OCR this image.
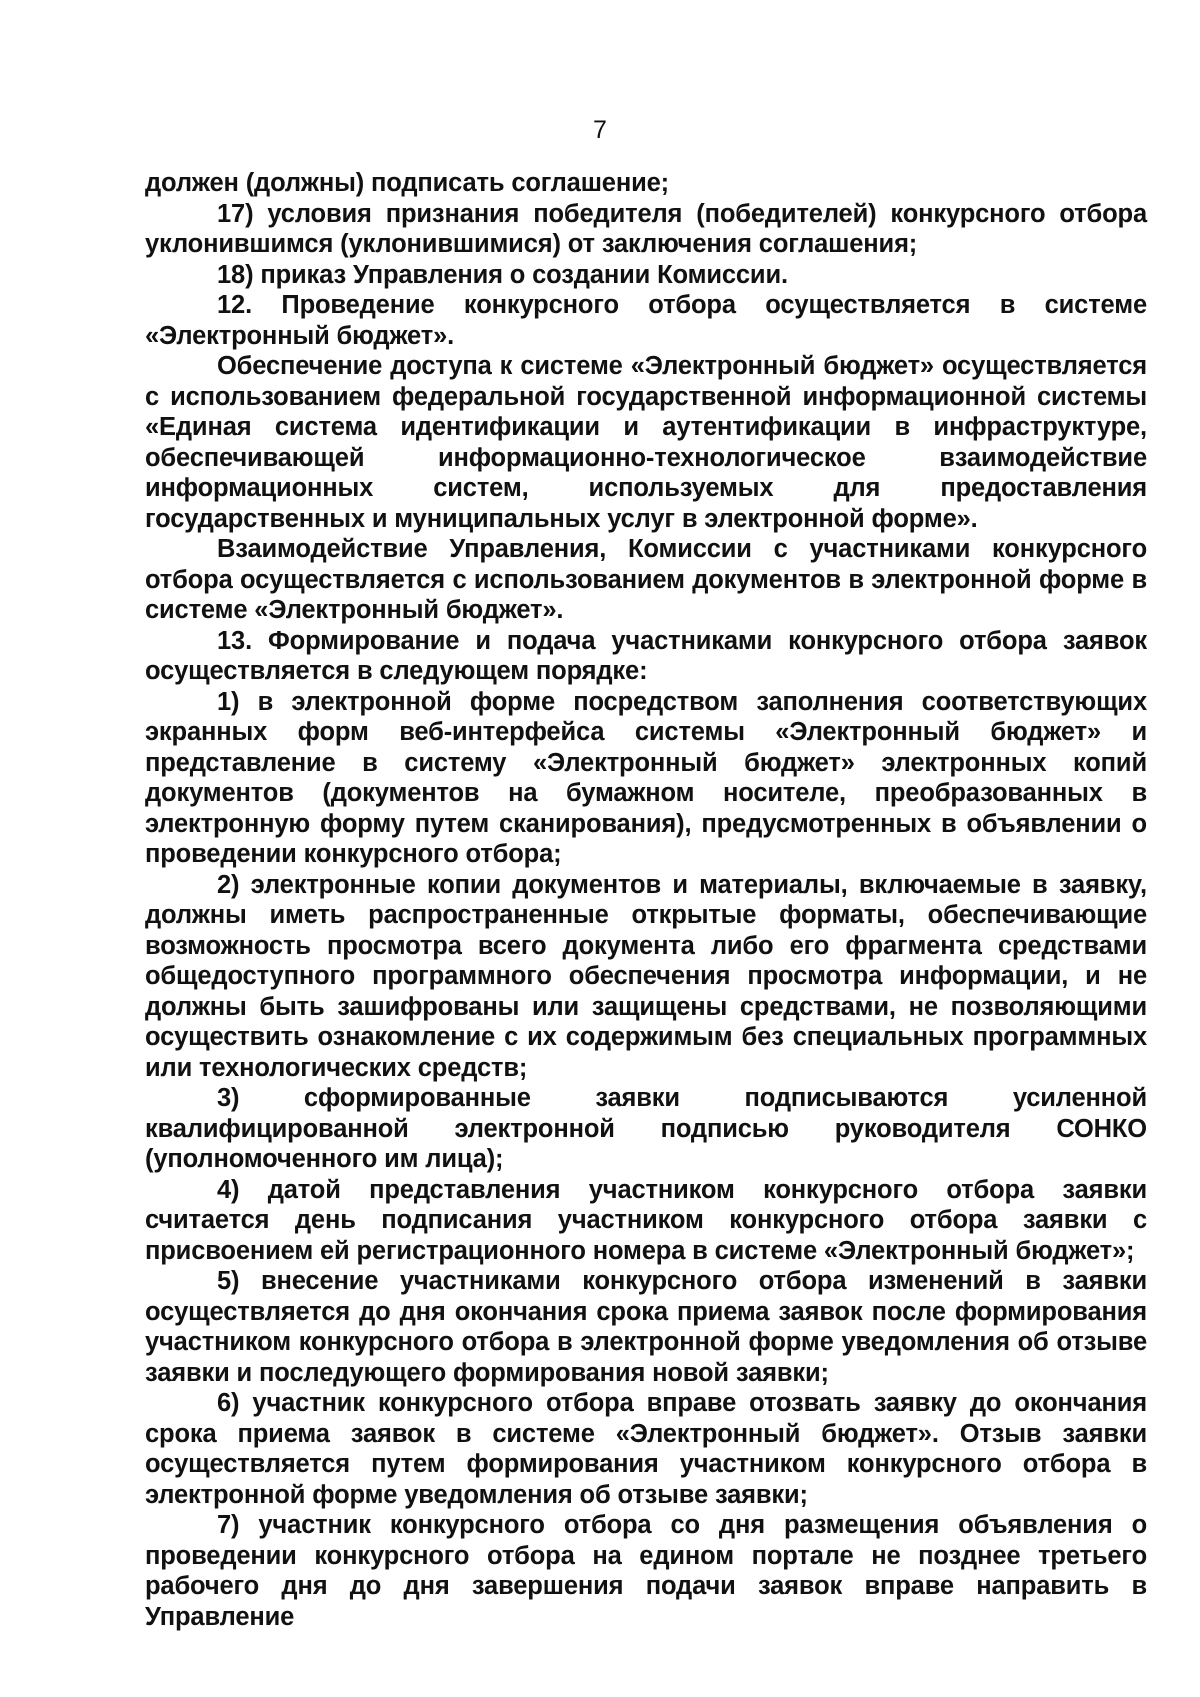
7

должен (должны) подписать соглашение;

17) условия признания победителя (победителей) конкурсного отбора уклонившимся (уклонившимися) от заключения соглашения;

18) приказ Управления о создании Комиссии.

12. Проведение конкурсного отбора осуществляется в системе «Электронный бюджет».

Обеспечение доступа к системе «Электронный бюджет» осуществляется с использованием федеральной государственной информационной системы «Единая система идентификации и аутентификации в инфраструктуре, обеспечивающей информационно-технологическое взаимодействие информационных систем, используемых для предоставления государственных и муниципальных услуг в электронной форме».

Взаимодействие Управления, Комиссии с участниками конкурсного отбора осуществляется с использованием документов в электронной форме в системе «Электронный бюджет».

13. Формирование и подача участниками конкурсного отбора заявок осуществляется в следующем порядке:

1) в электронной форме посредством заполнения соответствующих экранных форм веб-интерфейса системы «Электронный бюджет» и представление в систему «Электронный бюджет» электронных копий документов (документов на бумажном носителе, преобразованных в электронную форму путем сканирования), предусмотренных в объявлении о проведении конкурсного отбора;

2) электронные копии документов и материалы, включаемые в заявку, должны иметь распространенные открытые форматы, обеспечивающие возможность просмотра всего документа либо его фрагмента средствами общедоступного программного обеспечения просмотра информации, и не должны быть зашифрованы или защищены средствами, не позволяющими осуществить ознакомление с их содержимым без специальных программных или технологических средств;

3) сформированные заявки подписываются усиленной квалифицированной электронной подписью руководителя СОНКО (уполномоченного им лица);

4) датой представления участником конкурсного отбора заявки считается день подписания участником конкурсного отбора заявки с присвоением ей регистрационного номера в системе «Электронный бюджет»;

5) внесение участниками конкурсного отбора изменений в заявки осуществляется до дня окончания срока приема заявок после формирования участником конкурсного отбора в электронной форме уведомления об отзыве заявки и последующего формирования новой заявки;

6) участник конкурсного отбора вправе отозвать заявку до окончания срока приема заявок в системе «Электронный бюджет». Отзыв заявки осуществляется путем формирования участником конкурсного отбора в электронной форме уведомления об отзыве заявки;

7) участник конкурсного отбора со дня размещения объявления о проведении конкурсного отбора на едином портале не позднее третьего рабочего дня до дня завершения подачи заявок вправе направить в Управление
